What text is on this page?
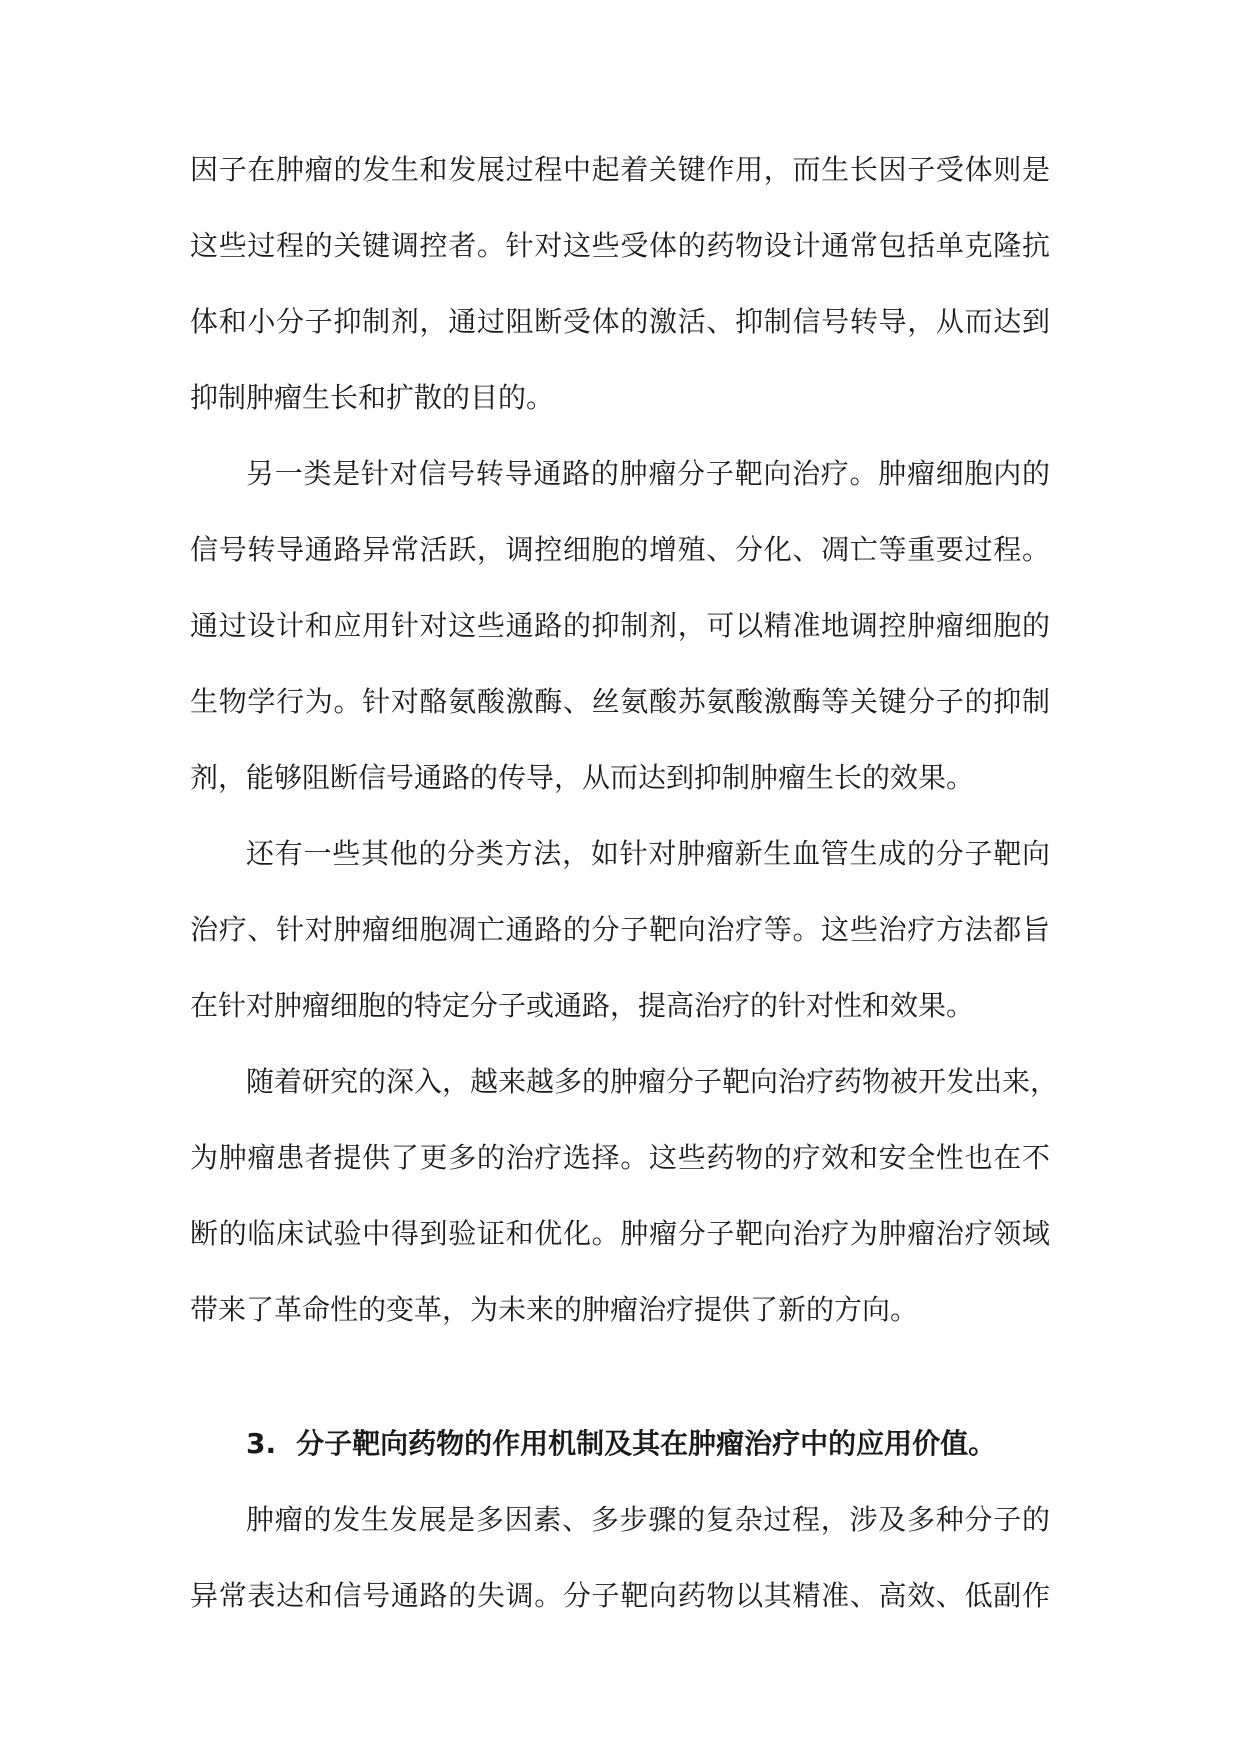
因子在肿瘤的发生和发展过程中起着关键作用，而生长因子受体则是
这些过程的关键调控者。针对这些受体的药物设计通常包括单克隆抗
体和小分子抑制剂，通过阻断受体的激活、抑制信号转导，从而达到
抑制肿瘤生长和扩散的目的。
另一类是针对信号转导通路的肿瘤分子靶向治疗。肿瘤细胞内的
信号转导通路异常活跃，调控细胞的增殖、分化、凋亡等重要过程。
通过设计和应用针对这些通路的抑制剂，可以精准地调控肿瘤细胞的
生物学行为。针对酪氨酸激酶、丝氨酸苏氨酸激酶等关键分子的抑制
剂，能够阻断信号通路的传导，从而达到抑制肿瘤生长的效果。
还有一些其他的分类方法，如针对肿瘤新生血管生成的分子靶向
治疗、针对肿瘤细胞凋亡通路的分子靶向治疗等。这些治疗方法都旨
在针对肿瘤细胞的特定分子或通路，提高治疗的针对性和效果。
随着研究的深入，越来越多的肿瘤分子靶向治疗药物被开发出来，
为肿瘤患者提供了更多的治疗选择。这些药物的疗效和安全性也在不
断的临床试验中得到验证和优化。肿瘤分子靶向治疗为肿瘤治疗领域
带来了革命性的变革，为未来的肿瘤治疗提供了新的方向。
3. 分子靶向药物的作用机制及其在肿瘤治疗中的应用价值。
肿瘤的发生发展是多因素、多步骤的复杂过程，涉及多种分子的
异常表达和信号通路的失调。分子靶向药物以其精准、高效、低副作
